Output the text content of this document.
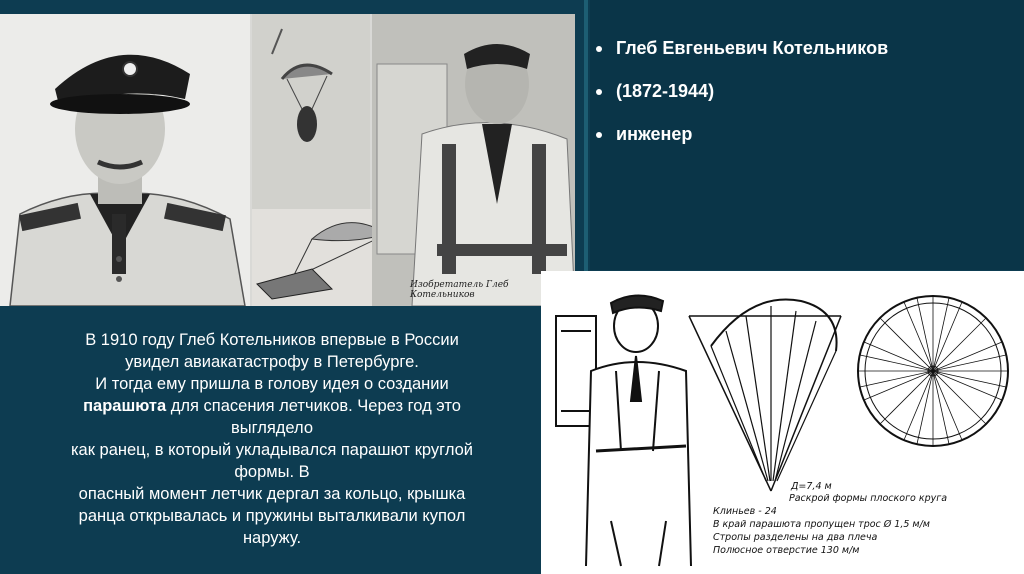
Изобретатель Глеб Котельников
Глеб Евгеньевич Котельников
(1872-1944)
инженер

В 1910 году Глеб Котельников впервые в России

увидел авиакатастрофу в Петербурге.

И тогда ему пришла в голову идея о создании

парашюта для спасения летчиков. Через год это

выглядело

как ранец, в который укладывался парашют круглой

формы. В

опасный момент летчик дергал за кольцо, крышка

ранца открывалась и пружины выталкивали купол

наружу.

Д=7,4 м
Раскрой формы плоского круга
Клиньев - 24
В край парашюта пропущен трос Ø 1,5 м/м
Стропы разделены на два плеча
Полюсное отверстие 130 м/м
